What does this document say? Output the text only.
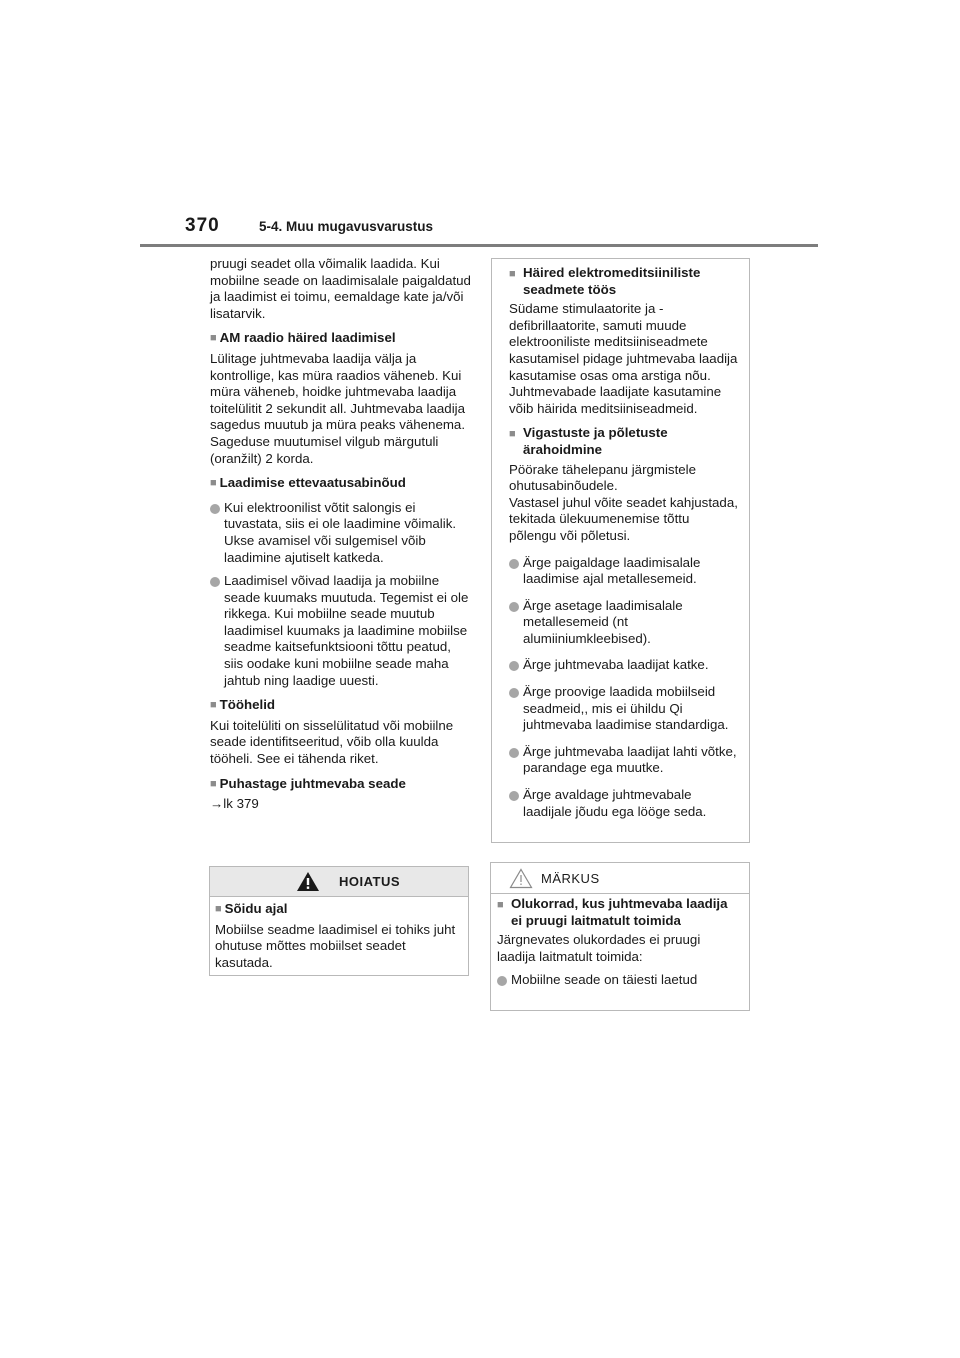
370	5-4. Muu mugavusvarustus

pruugi seadet olla võimalik laadida. Kui mobiilne seade on laadimisalale paigaldatud ja laadimist ei toimu, eemaldage kate ja/või lisatarvik.

■ AM raadio häired laadimisel

Lülitage juhtmevaba laadija välja ja kontrollige, kas müra raadios väheneb. Kui müra väheneb, hoidke juhtmevaba laadija toitelülitit 2 sekundit all. Juhtmevaba laadija sagedus muutub ja müra peaks vähenema. Sageduse muutumisel vilgub märgutuli (oranžilt) 2 korda.

■ Laadimise ettevaatusabinõud

Kui elektroonilist võtit salongis ei tuvastata, siis ei ole laadimine võimalik. Ukse avamisel või sulgemisel võib laadimine ajutiselt katkeda.

Laadimisel võivad laadija ja mobiilne seade kuumaks muutuda. Tegemist ei ole rikkega. Kui mobiilne seade muutub laadimisel kuumaks ja laadimine mobiilse seadme kaitsefunktsiooni tõttu peatud, siis oodake kuni mobiilne seade maha jahtub ning laadige uuesti.

■ Tööhelid

Kui toitelüliti on sisselülitatud või mobiilne seade identifitseeritud, võib olla kuulda tööheli. See ei tähenda riket.

■ Puhastage juhtmevaba seade

→lk 379

■ Häired elektromeditsiiniliste seadmete töös

Südame stimulaatorite ja -defibrillaatorite, samuti muude elektrooniliste meditsiiniseadmete kasutamisel pidage juhtmevaba laadija kasutamise osas oma arstiga nõu.

Juhtmevabade laadijate kasutamine võib häirida meditsiiniseadmeid.

■ Vigastuste ja põletuste ärahoidmine

Pöörake tähelepanu järgmistele ohutusabinõudele.

Vastasel juhul võite seadet kahjustada, tekitada ülekuumenemise tõttu põlengu või põletusi.

Ärge paigaldage laadimisalale laadimise ajal metallesemeid.

Ärge asetage laadimisalale metallesemeid (nt alumiiniumkleebised).

Ärge juhtmevaba laadijat katke.

Ärge proovige laadida mobiilseid seadmeid,, mis ei ühildu Qi juhtmevaba laadimise standardiga.

Ärge juhtmevaba laadijat lahti võtke, parandage ega muutke.

Ärge avaldage juhtmevabale laadijale jõudu ega lööge seda.

HOIATUS
■ Sõidu ajal

Mobiilse seadme laadimisel ei tohiks juht ohutuse mõttes mobiilset seadet kasutada.

MÄRKUS
■ Olukorrad, kus juhtmevaba laadija ei pruugi laitmatult toimida

Järgnevates olukordades ei pruugi laadija laitmatult toimida:

Mobiilne seade on täiesti laetud
